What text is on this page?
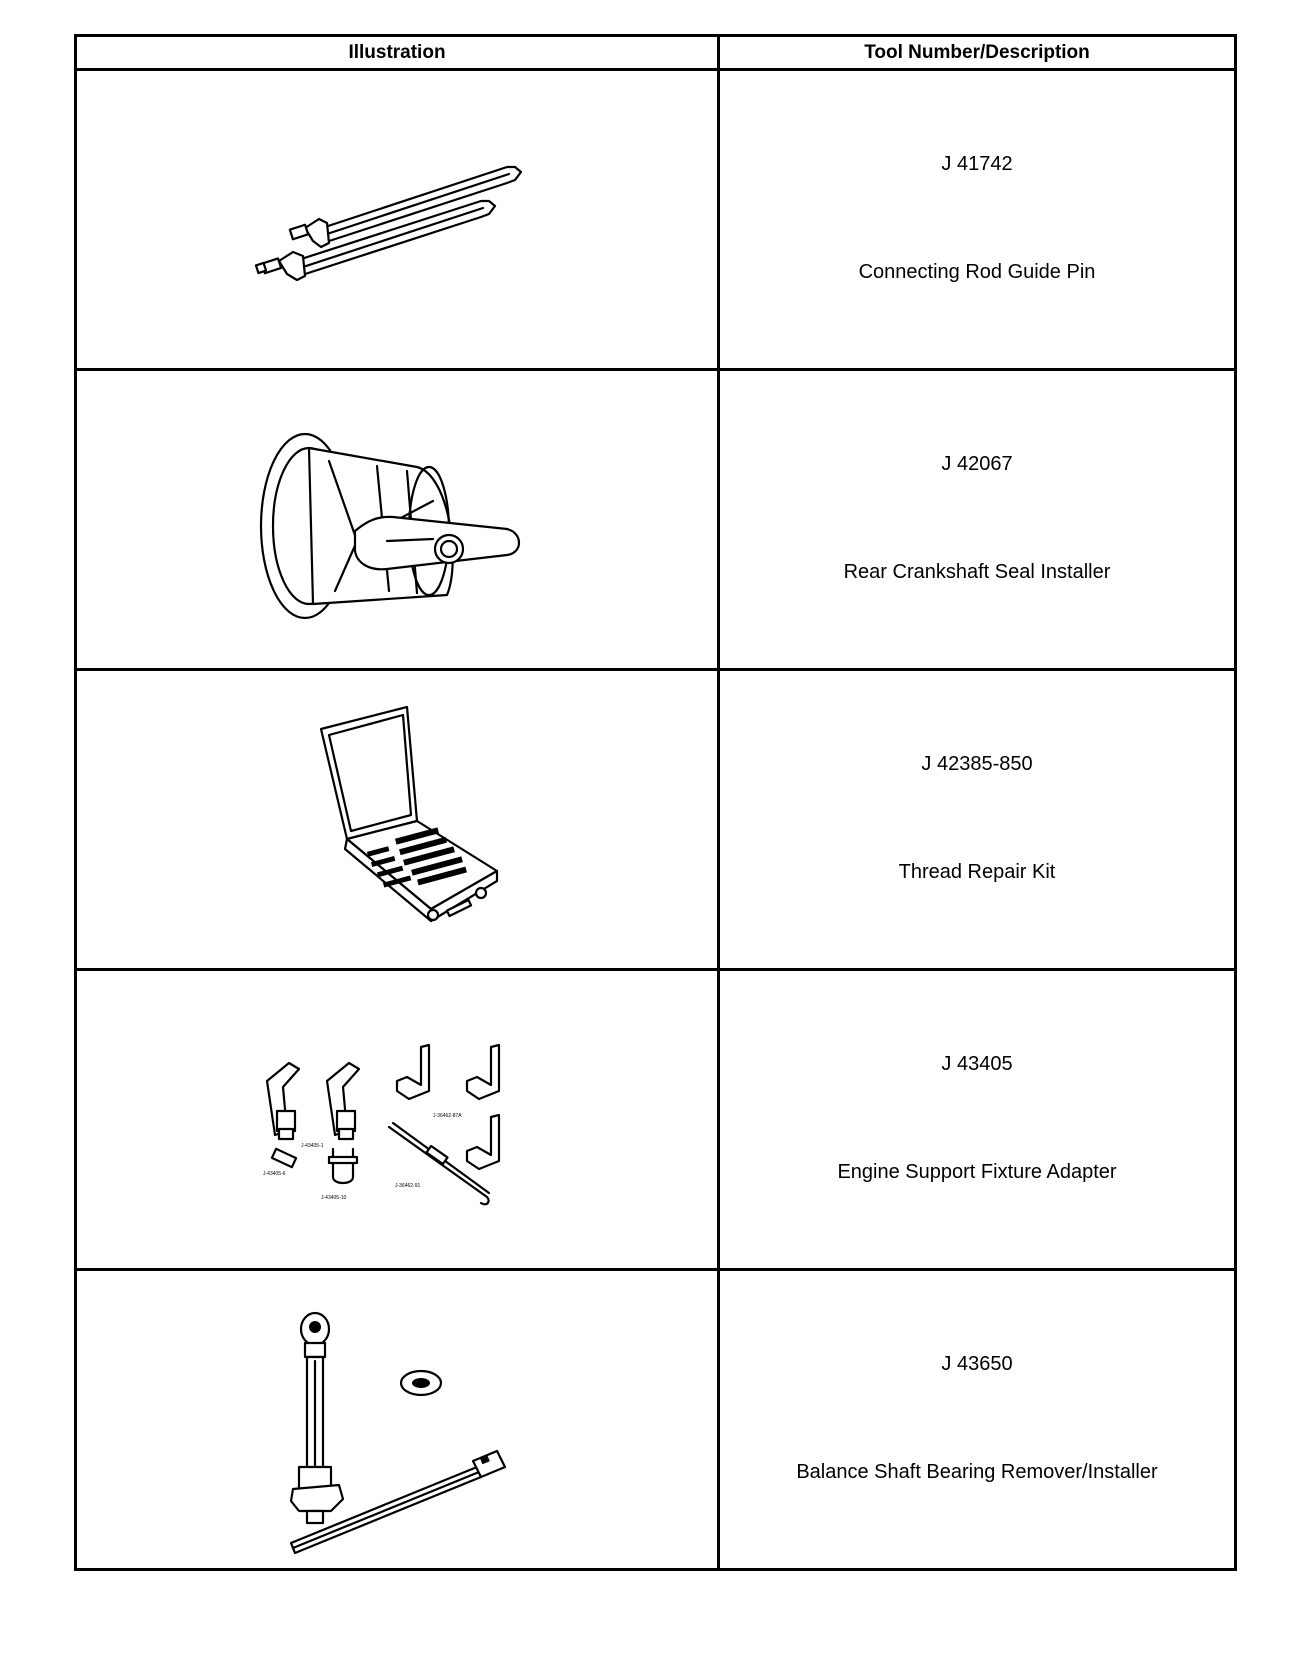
Illustration	Tool Number/Description
J 41742
Connecting Rod Guide Pin
J 42067
Rear Crankshaft Seal Installer
J 42385-850
Thread Repair Kit
J-43405-1
J-36462-87A
J-43405-6
J-43405-10
J-36462-91
J 43405
Engine Support Fixture Adapter
J 43650
Balance Shaft Bearing Remover/Installer
